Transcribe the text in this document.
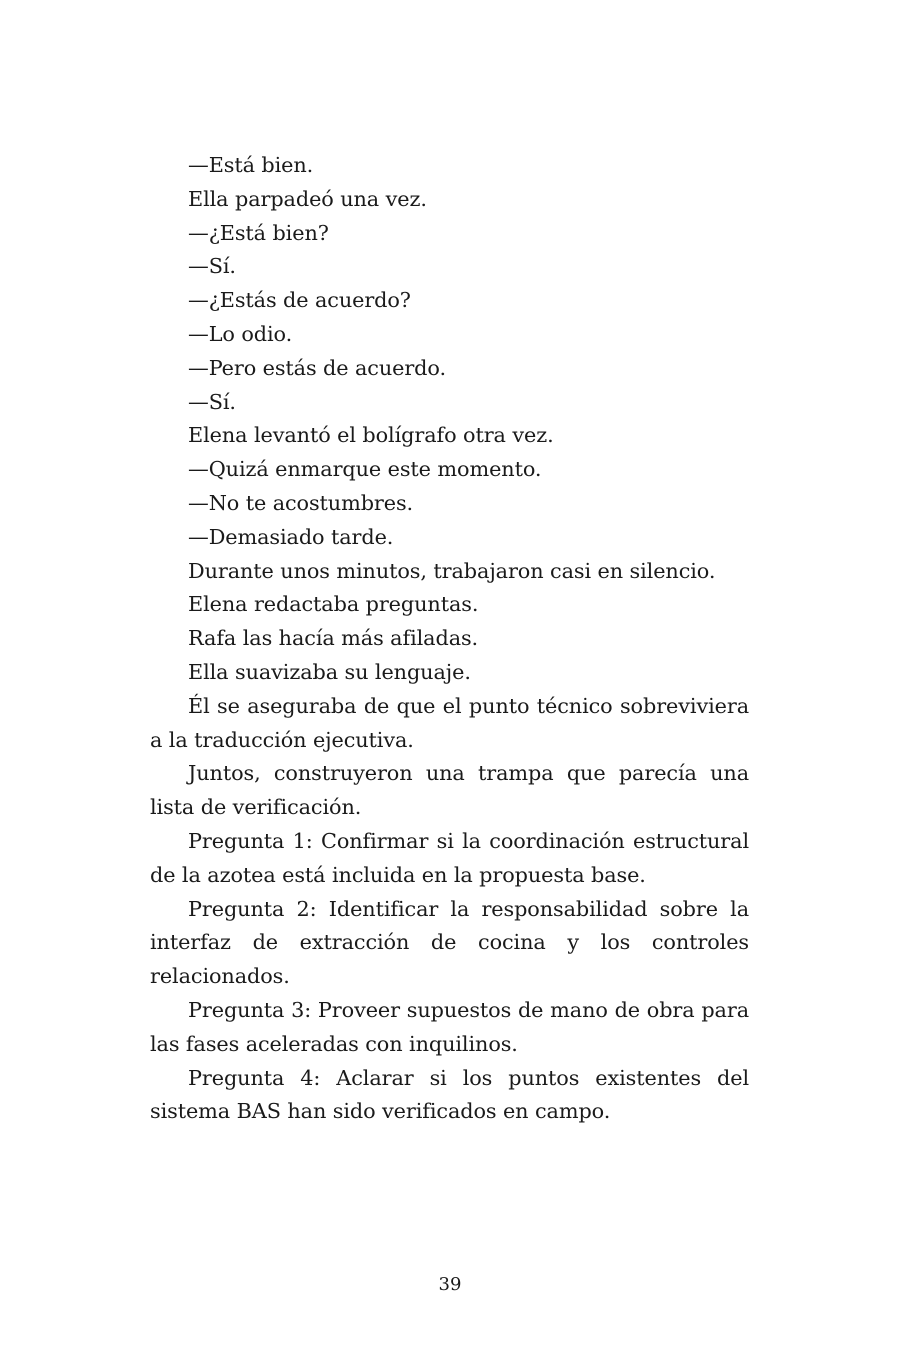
—Está bien.

Ella parpadeó una vez.

—¿Está bien?

—Sí.

—¿Estás de acuerdo?

—Lo odio.

—Pero estás de acuerdo.

—Sí.

Elena levantó el bolígrafo otra vez.

—Quizá enmarque este momento.

—No te acostumbres.

—Demasiado tarde.

Durante unos minutos, trabajaron casi en silencio.

Elena redactaba preguntas.

Rafa las hacía más afiladas.

Ella suavizaba su lenguaje.

Él se aseguraba de que el punto técnico sobreviviera a la traducción ejecutiva.

Juntos, construyeron una trampa que parecía una lista de verificación.

Pregunta 1: Confirmar si la coordinación estructural de la azotea está incluida en la propuesta base.

Pregunta 2: Identificar la responsabilidad sobre la interfaz de extracción de cocina y los controles relacionados.

Pregunta 3: Proveer supuestos de mano de obra para las fases aceleradas con inquilinos.

Pregunta 4: Aclarar si los puntos existentes del sistema BAS han sido verificados en campo.

39
